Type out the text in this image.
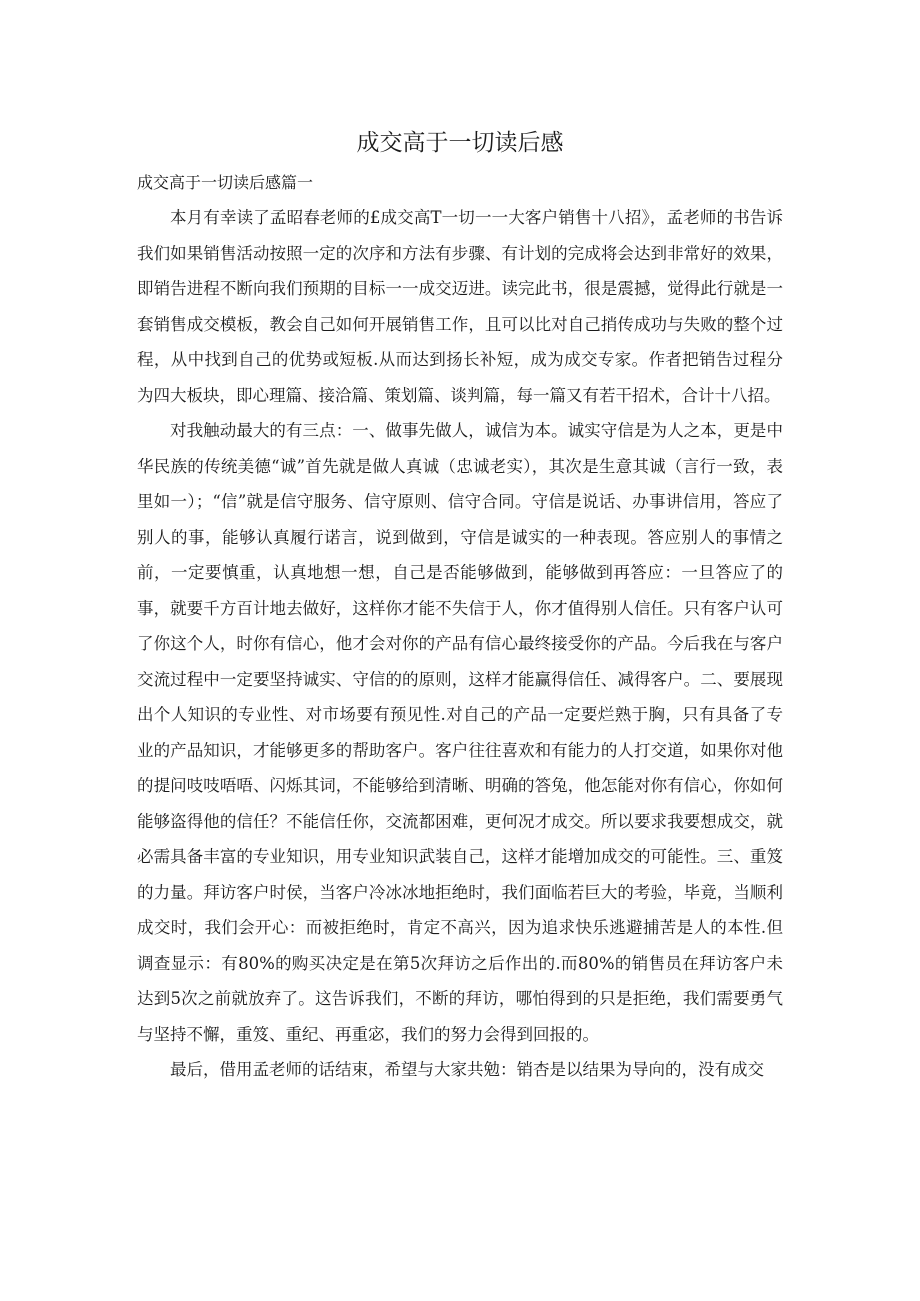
成交高于一切读后感
成交高于一切读后感篇一

本月有幸读了孟昭春老师的£成交高T一切一一大客户销售十八招》，孟老师的书告诉我们如果销售活动按照一定的次序和方法有步骤、有计划的完成将会达到非常好的效果，即销告进程不断向我们预期的目标一一成交迈进。读完此书，很是震撼，觉得此行就是一套销售成交模板，教会自己如何开展销售工作，且可以比对自己捎传成功与失败的整个过程，从中找到自己的优势或短板.从而达到扬长补短，成为成交专家。作者把销告过程分为四大板块，即心理篇、接洽篇、策划篇、谈判篇，每一篇又有若干招术，合计十八招。

对我触动最大的有三点：一、做事先做人，诚信为本。诚实守信是为人之本，更是中华民族的传统美德“诚”首先就是做人真诚（忠诚老实），其次是生意其诚（言行一致，表里如一）；“信”就是信守服务、信守原则、信守合同。守信是说话、办事讲信用，答应了别人的事，能够认真履行诺言，说到做到，守信是诚实的一种表现。答应别人的事情之前，一定要慎重，认真地想一想，自己是否能够做到，能够做到再答应：一旦答应了的事，就要千方百计地去做好，这样你才能不失信于人，你才值得别人信任。只有客户认可了你这个人，时你有信心，他才会对你的产品有信心最终接受你的产品。今后我在与客户交流过程中一定要坚持诚实、守信的的原则，这样才能赢得信任、减得客户。二、要展现出个人知识的专业性、对市场要有预见性.对自己的产品一定要烂熟于胸，只有具备了专业的产品知识，才能够更多的帮助客户。客户往往喜欢和有能力的人打交道，如果你对他的提问吱吱唔唔、闪烁其词，不能够给到清晰、明确的答兔，他怎能对你有信心，你如何能够盗得他的信任？不能信任你，交流都困难，更何况才成交。所以要求我要想成交，就必需具备丰富的专业知识，用专业知识武装自己，这样才能增加成交的可能性。三、重笈的力量。拜访客户时侯，当客户冷冰冰地拒绝时，我们面临若巨大的考验，毕竟，当顺利成交时，我们会开心：而被拒绝时，肯定不高兴，因为追求快乐逃避捕苦是人的本性.但调查显示：有80%的购买决定是在第5次拜访之后作出的.而80%的销售员在拜访客户未达到5次之前就放弃了。这告诉我们，不断的拜访，哪怕得到的只是拒绝，我们需要勇气与坚持不懈，重笈、重纪、再重宓，我们的努力会得到回报的。

最后，借用孟老师的话结束，希望与大家共勉：销杏是以结果为导向的，没有成交
